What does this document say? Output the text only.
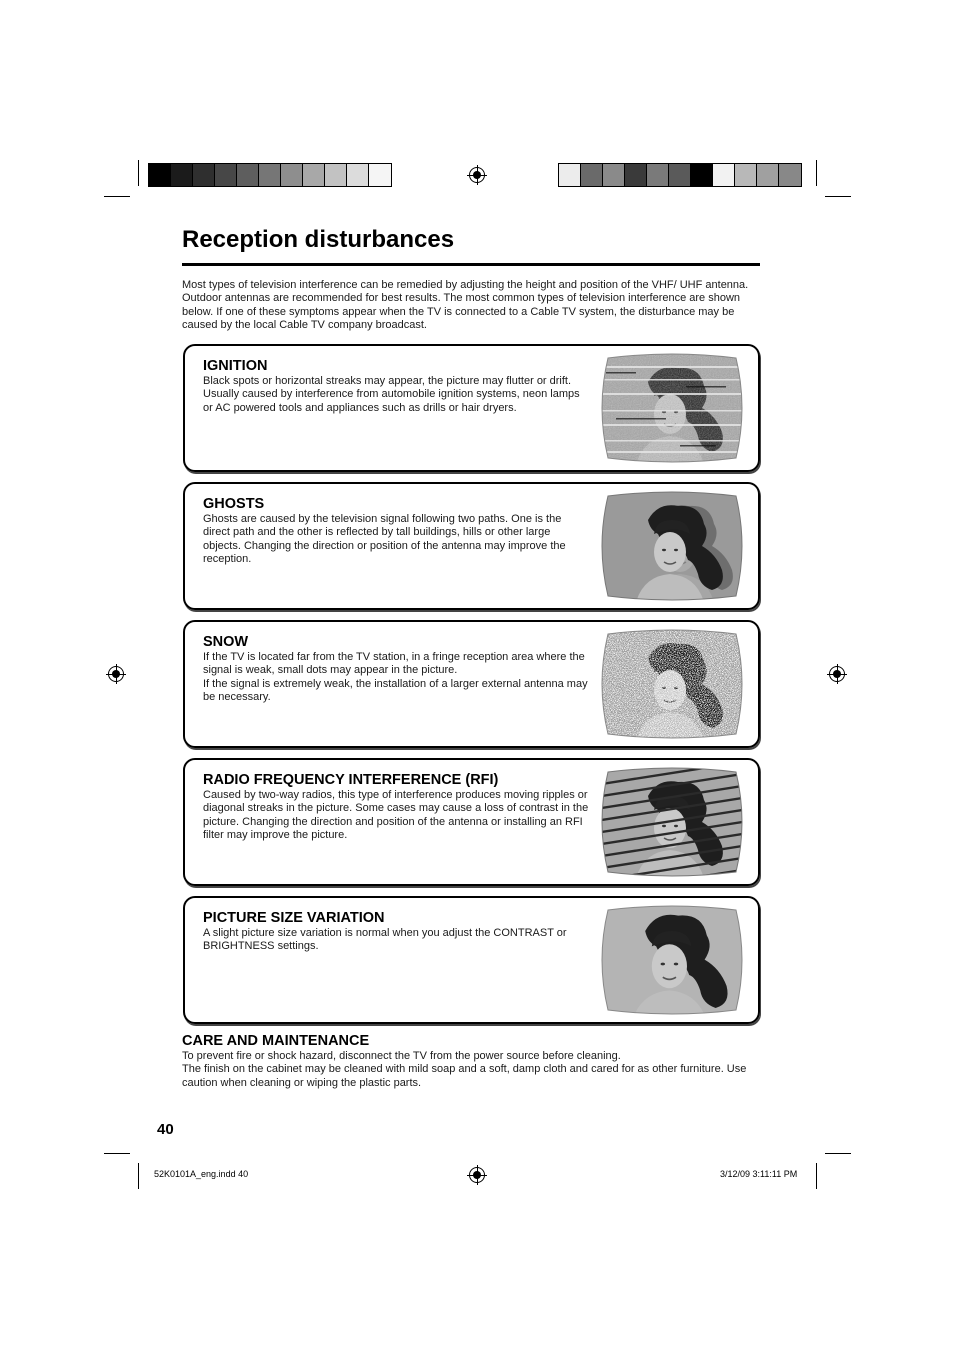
Reception disturbances
Most types of television interference can be remedied by adjusting the height and position of the VHF/ UHF antenna. Outdoor antennas are recommended for best results. The most common types of television interference are shown below. If one of these symptoms appear when the TV is connected to a Cable TV system, the disturbance may be caused by the local Cable TV company broadcast.
IGNITION

Black spots or horizontal streaks may appear, the picture may flutter or drift. Usually caused by interference from automobile ignition systems, neon lamps or AC powered tools and appliances such as drills or hair dryers.

GHOSTS

Ghosts are caused by the television signal following two paths. One is the direct path and the other is reflected by tall buildings, hills or other large objects. Changing the direction or position of the antenna may improve the reception.

SNOW

If the TV is located far from the TV station, in a fringe reception area where the signal is weak, small dots may appear in the picture.

If the signal is extremely weak, the installation of a larger external antenna may be necessary.

RADIO FREQUENCY INTERFERENCE (RFI)

Caused by two-way radios, this type of interference produces moving ripples or diagonal streaks in the picture. Some cases may cause a loss of contrast in the picture. Changing the direction and position of the antenna or installing an RFI filter may improve the picture.

PICTURE SIZE VARIATION

A slight picture size variation is normal when you adjust the CONTRAST or BRIGHTNESS settings.

CARE AND MAINTENANCE

To prevent fire or shock hazard, disconnect the TV from the power source before cleaning.

The finish on the cabinet may be cleaned with mild soap and a soft, damp cloth and cared for as other furniture. Use caution when cleaning or wiping the plastic parts.

40
52K0101A_eng.indd 40	3/12/09 3:11:11 PM
